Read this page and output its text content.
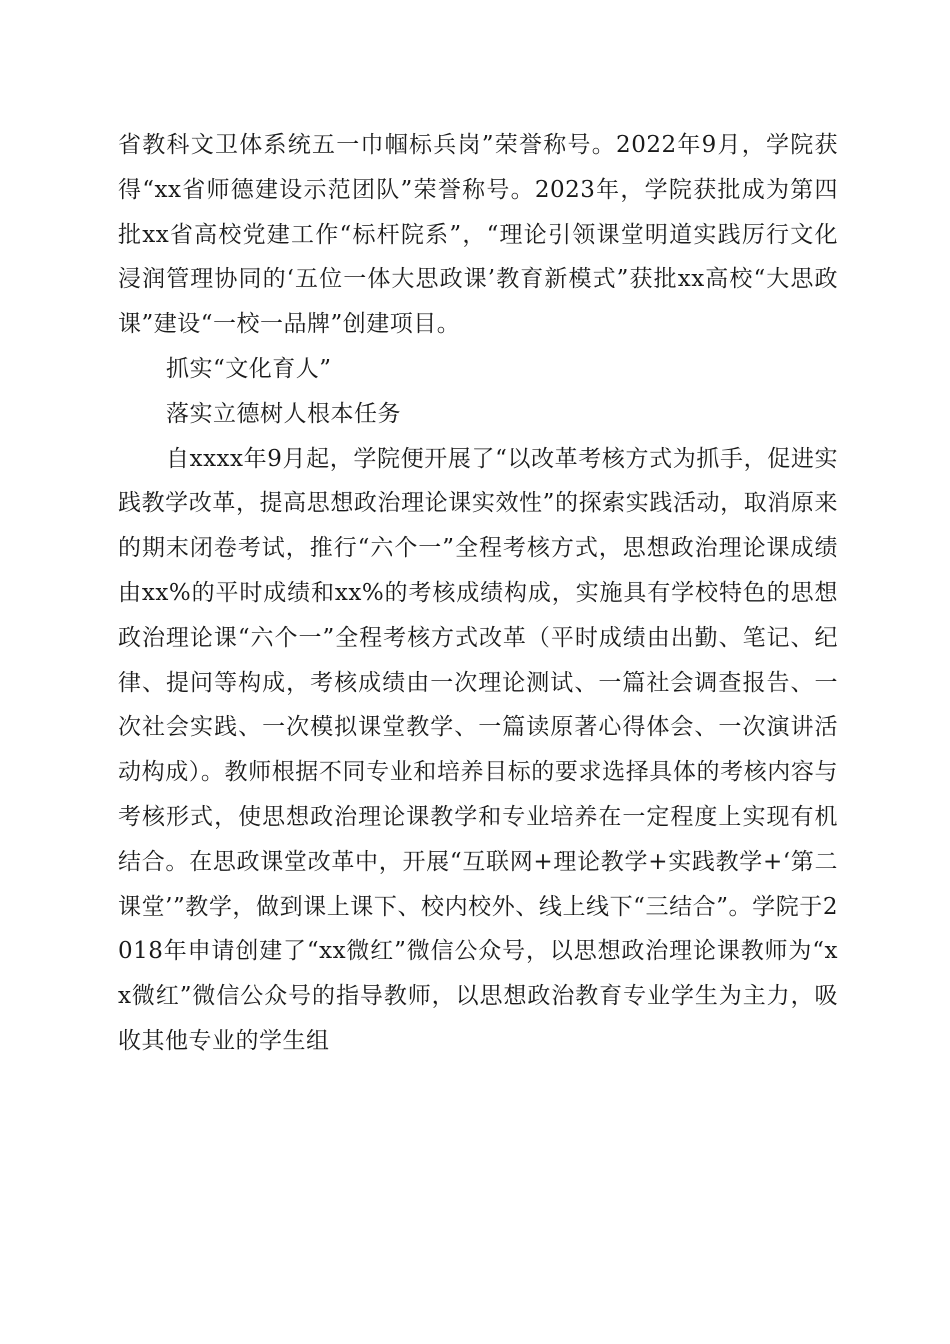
省教科文卫体系统五一巾帼标兵岗”荣誉称号。2022年9月，学院获得“xx省师德建设示范团队”荣誉称号。2023年，学院获批成为第四批xx省高校党建工作“标杆院系”，“理论引领课堂明道实践厉行文化浸润管理协同的‘五位一体大思政课’教育新模式”获批xx高校“大思政课”建设“一校一品牌”创建项目。

抓实“文化育人”

落实立德树人根本任务

自xxxx年9月起，学院便开展了“以改革考核方式为抓手，促进实践教学改革，提高思想政治理论课实效性”的探索实践活动，取消原来的期末闭卷考试，推行“六个一”全程考核方式，思想政治理论课成绩由xx%的平时成绩和xx%的考核成绩构成，实施具有学校特色的思想政治理论课“六个一”全程考核方式改革（平时成绩由出勤、笔记、纪律、提问等构成，考核成绩由一次理论测试、一篇社会调查报告、一次社会实践、一次模拟课堂教学、一篇读原著心得体会、一次演讲活动构成）。教师根据不同专业和培养目标的要求选择具体的考核内容与考核形式，使思想政治理论课教学和专业培养在一定程度上实现有机结合。在思政课堂改革中，开展“互联网+理论教学+实践教学+‘第二课堂’”教学，做到课上课下、校内校外、线上线下“三结合”。学院于2018年申请创建了“xx微红”微信公众号，以思想政治理论课教师为“xx微红”微信公众号的指导教师，以思想政治教育专业学生为主力，吸收其他专业的学生组
